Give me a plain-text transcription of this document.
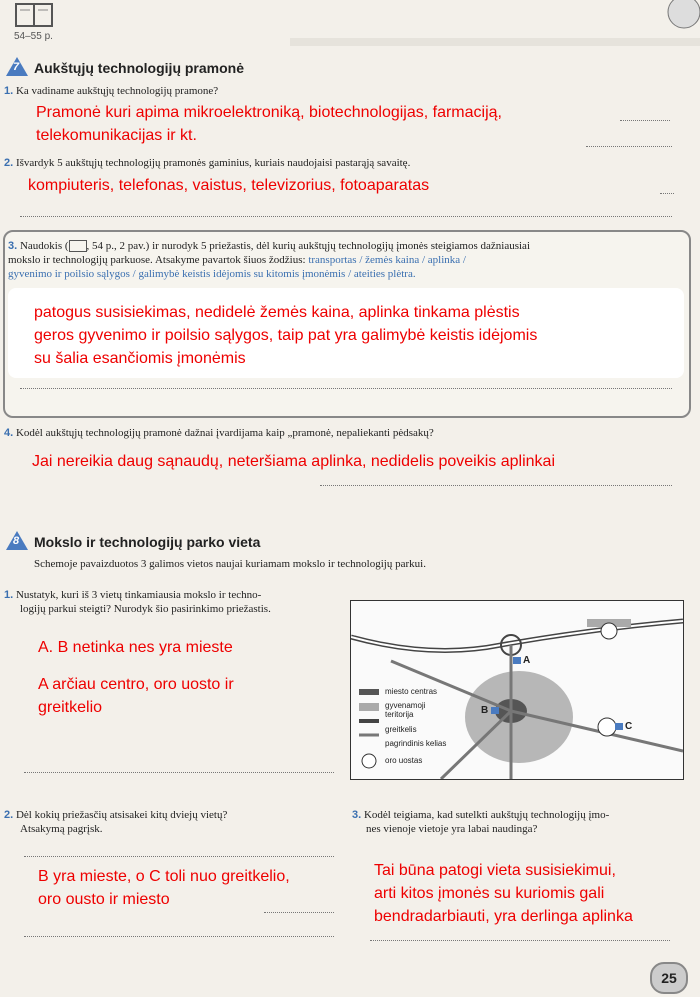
54–55 p.
7 Aukštųjų technologijų pramonė
1. Ka vadiname aukštųjų technologijų pramone?
Pramonė kuri apima mikroelektroniką, biotechnologijas, farmaciją,
telekomunikacijas ir kt.
2. Išvardyk 5 aukštųjų technologijų pramonės gaminius, kuriais naudojaisi pastarąją savaitę.
kompiuteris, telefonas, vaistus, televizorius, fotoaparatas
3. Naudokis ( , 54 p., 2 pav.) ir nurodyk 5 priežastis, dėl kurių aukštųjų technologijų įmonės steigiamos dažniausiai
mokslo ir technologijų parkuose. Atsakyme pavartok šiuos žodžius: transportas / žemės kaina / aplinka /
gyvenimo ir poilsio sąlygos / galimybė keistis idėjomis su kitomis įmonėmis / ateities plėtra.
patogus susisiekimas, nedidelė žemės kaina, aplinka tinkama plėstis
geros gyvenimo ir poilsio sąlygos, taip pat yra galimybė keistis idėjomis
su šalia esančiomis įmonėmis
4. Kodėl aukštųjų technologijų pramonė dažnai įvardijama kaip „pramonė, nepaliekanti pėdsakų?
Jai nereikia daug sąnaudų, neteršiama aplinka, nedidelis poveikis aplinkai
8 Mokslo ir technologijų parko vieta
Schemoje pavaizduotos 3 galimos vietos naujai kuriamam mokslo ir technologijų parkui.
1. Nustatyk, kuri iš 3 vietų tinkamiausia mokslo ir techno-
logijų parkui steigti? Nurodyk šio pasirinkimo priežastis.
A. B netinka nes yra mieste
A arčiau centro, oro uosto ir
greitkelio
A
B
C
miesto centras
gyvenamoji teritorija
greitkelis
pagrindinis kelias
oro uostas
2. Dėl kokių priežasčių atsisakei kitų dviejų vietų?
Atsakymą pagrįsk.
B yra mieste, o C toli nuo greitkelio,
oro ousto ir miesto
3. Kodėl teigiama, kad sutelkti aukštųjų technologijų įmo-
nes vienoje vietoje yra labai naudinga?
Tai būna patogi vieta susisiekimui,
arti kitos įmonės su kuriomis gali
bendradarbiauti, yra derlinga aplinka
25
